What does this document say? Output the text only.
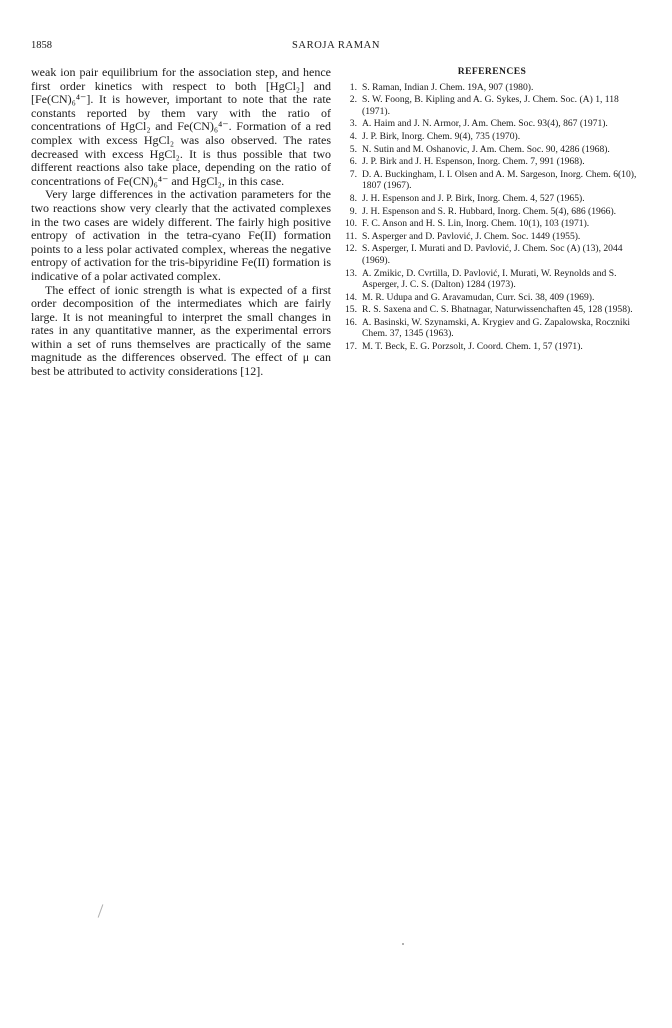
1858	SAROJA RAMAN

weak ion pair equilibrium for the association step, and hence first order kinetics with respect to both [HgCl₂] and [Fe(CN)₆⁴⁻]. It is however, important to note that the rate constants reported by them vary with the ratio of concentrations of HgCl₂ and Fe(CN)₆⁴⁻. Formation of a red complex with excess HgCl₂ was also observed. The rates decreased with excess HgCl₂. It is thus possible that two different reactions also take place, depending on the ratio of concentrations of Fe(CN)₆⁴⁻ and HgCl₂, in this case.

Very large differences in the activation parameters for the two reactions show very clearly that the activated complexes in the two cases are widely different. The fairly high positive entropy of activation in the tetra-cyano Fe(II) formation points to a less polar activated complex, whereas the negative entropy of activation for the tris-bipyridine Fe(II) formation is indicative of a polar activated complex.

The effect of ionic strength is what is expected of a first order decomposition of the intermediates which are fairly large. It is not meaningful to interpret the small changes in rates in any quantitative manner, as the experimental errors within a set of runs themselves are practically of the same magnitude as the differences observed. The effect of μ can best be attributed to activity considerations [12].

REFERENCES
1. S. Raman, Indian J. Chem. 19A, 907 (1980).
2. S. W. Foong, B. Kipling and A. G. Sykes, J. Chem. Soc. (A) 1, 118 (1971).
3. A. Haim and J. N. Armor, J. Am. Chem. Soc. 93(4), 867 (1971).
4. J. P. Birk, Inorg. Chem. 9(4), 735 (1970).
5. N. Sutin and M. Oshanovic, J. Am. Chem. Soc. 90, 4286 (1968).
6. J. P. Birk and J. H. Espenson, Inorg. Chem. 7, 991 (1968).
7. D. A. Buckingham, I. I. Olsen and A. M. Sargeson, Inorg. Chem. 6(10), 1807 (1967).
8. J. H. Espenson and J. P. Birk, Inorg. Chem. 4, 527 (1965).
9. J. H. Espenson and S. R. Hubbard, Inorg. Chem. 5(4), 686 (1966).
10. F. C. Anson and H. S. Lin, Inorg. Chem. 10(1), 103 (1971).
11. S. Asperger and D. Pavlović, J. Chem. Soc. 1449 (1955).
12. S. Asperger, I. Murati and D. Pavlović, J. Chem. Soc (A) (13), 2044 (1969).
13. A. Zmikic, D. Cvrtilla, D. Pavlović, I. Murati, W. Reynolds and S. Asperger, J. C. S. (Dalton) 1284 (1973).
14. M. R. Udupa and G. Aravamudan, Curr. Sci. 38, 409 (1969).
15. R. S. Saxena and C. S. Bhatnagar, Naturwissenchaften 45, 128 (1958).
16. A. Basinski, W. Szynamski, A. Krygiev and G. Zapalowska, Roczniki Chem. 37, 1345 (1963).
17. M. T. Beck, E. G. Porzsolt, J. Coord. Chem. 1, 57 (1971).
